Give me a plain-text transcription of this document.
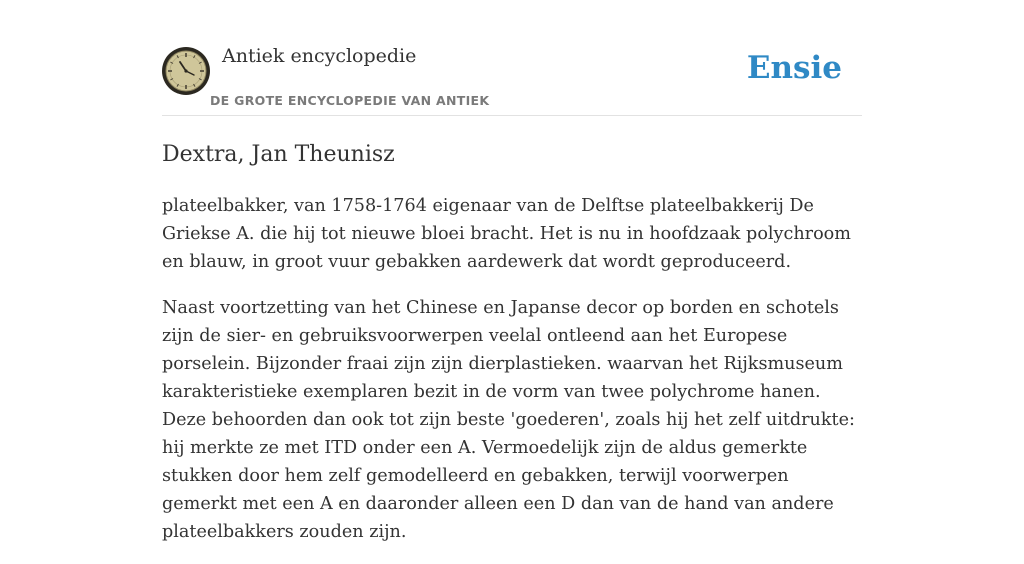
Antiek encyclopedie
DE GROTE ENCYCLOPEDIE VAN ANTIEK
Ensie
Dextra, Jan Theunisz

plateelbakker, van 1758-1764 eigenaar van de Delftse plateelbakkerij De Griekse A. die hij tot nieuwe bloei bracht. Het is nu in hoofdzaak polychroom en blauw, in groot vuur gebakken aardewerk dat wordt geproduceerd.

Naast voortzetting van het Chinese en Japanse decor op borden en schotels zijn de sier- en gebruiksvoorwerpen veelal ontleend aan het Europese porselein. Bijzonder fraai zijn zijn dierplastieken. waarvan het Rijksmuseum karakteristieke exemplaren bezit in de vorm van twee polychrome hanen. Deze behoorden dan ook tot zijn beste 'goederen', zoals hij het zelf uitdrukte: hij merkte ze met ITD onder een A. Vermoedelijk zijn de aldus gemerkte stukken door hem zelf gemodelleerd en gebakken, terwijl voorwerpen gemerkt met een A en daaronder alleen een D dan van de hand van andere plateelbakkers zouden zijn.
